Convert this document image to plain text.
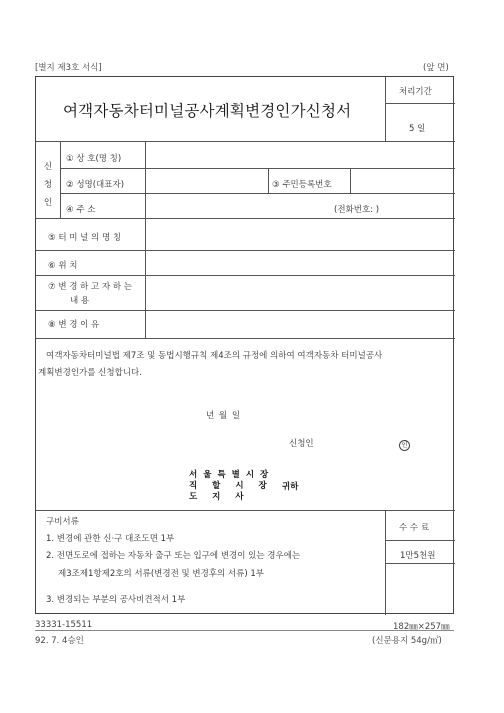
[별지 제3호 서식]	(앞 면)
여객자동차터미널공사계획변경인가신청서
처리기간
5 일
신
청
인
① 상 호(명 칭)
② 성명(대표자)	③ 주민등록번호
④ 주 소	(전화번호: )
⑤ 터 미 널 의 명 칭
⑥ 위 치
⑦ 변 경 하 고 자 하 는
내 용
⑧ 변 경 이 유
여객자동차터미널법 제7조 및 동법시행규칙 제4조의 규정에 의하여 여객자동차 터미널공사
계획변경인가를 신청합니다.
년 월 일
신청인	인
서울특별시장
직 할 시 장 귀하
도 지 사
구비서류
1. 변경에 관한 신·구 대조도면 1부
2. 전면도로에 접하는 자동차 출구 또는 입구에 변경이 있는 경우에는
제3조제1항제2호의 서류(변경전 및 변경후의 서류) 1부
3. 변경되는 부분의 공사비견적서 1부
수 수 료
1만5천원
33331-15511	182㎜×257㎜
92. 7. 4승인	(신문용지 54g/㎡)
